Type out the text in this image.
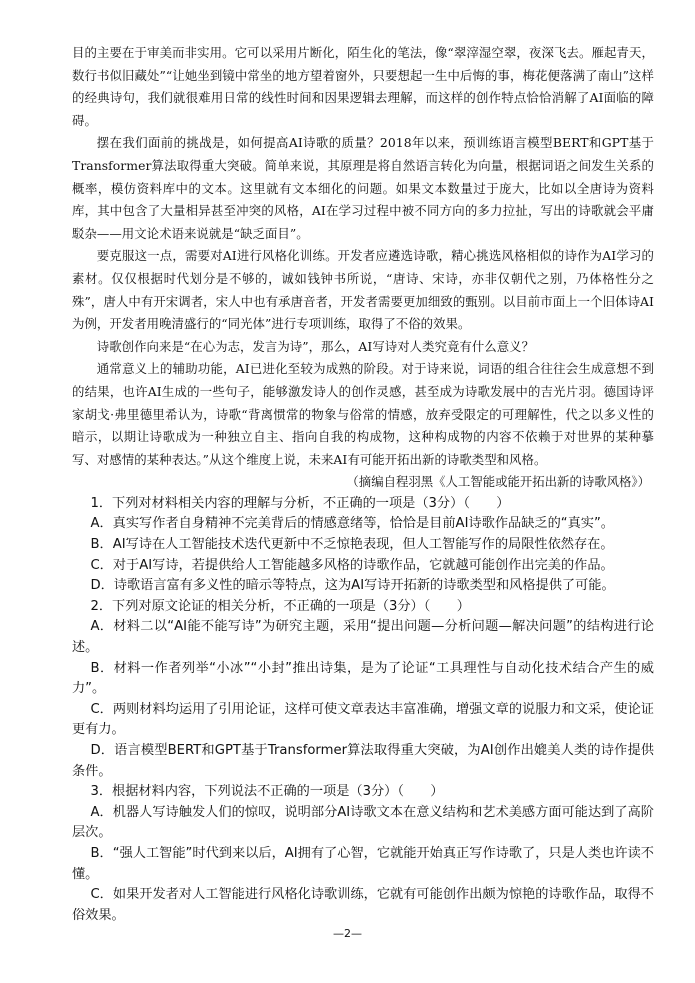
目的主要在于审美而非实用。它可以采用片断化，陌生化的笔法，像“翠滓湿空翠，夜深飞去。雁起青天，数行书似旧藏处”“让她坐到镜中常坐的地方望着窗外，只要想起一生中后悔的事，梅花便落满了南山”这样的经典诗句，我们就很难用日常的线性时间和因果逻辑去理解，而这样的创作特点恰恰消解了AI面临的障碍。

摆在我们面前的挑战是，如何提高AI诗歌的质量？2018年以来，预训练语言模型BERT和GPT基于Transformer算法取得重大突破。简单来说，其原理是将自然语言转化为向量，根据词语之间发生关系的概率，模仿资料库中的文本。这里就有文本细化的问题。如果文本数量过于庞大，比如以全唐诗为资料库，其中包含了大量相异甚至冲突的风格，AI在学习过程中被不同方向的多力拉扯，写出的诗歌就会平庸駁杂——用文论术语来说就是“缺乏面目”。

要克服这一点，需要对AI进行风格化训练。开发者应遴选诗歌，精心挑选风格相似的诗作为AI学习的素材。仅仅根据时代划分是不够的，诚如钱钟书所说，“唐诗、宋诗，亦非仅朝代之别，乃体格性分之殊”，唐人中有开宋调者，宋人中也有承唐音者，开发者需要更加细致的甄别。以目前市面上一个旧体诗AI为例，开发者用晚清盛行的“同光体”进行专项训练，取得了不俗的效果。

诗歌创作向来是“在心为志，发言为诗”，那么，AI写诗对人类究竟有什么意义？

通常意义上的辅助功能，AI已进化至较为成熟的阶段。对于诗来说，词语的组合往往会生成意想不到的结果，也许AI生成的一些句子，能够激发诗人的创作灵感，甚至成为诗歌发展中的吉光片羽。德国诗评家胡戈·弗里德里希认为，诗歌“背离惯常的物象与俗常的情感，放弃受限定的可理解性，代之以多义性的暗示，以期让诗歌成为一种独立自主、指向自我的构成物，这种构成物的内容不依赖于对世界的某种摹写、对感情的某种表达。”从这个维度上说，未来AI有可能开拓出新的诗歌类型和风格。

（摘编自程羽黑《人工智能或能开拓出新的诗歌风格》）

1．下列对材料相关内容的理解与分析，不正确的一项是（3分）（　　）

A．真实写作者自身精神不完美背后的情感意绪等，恰恰是目前AI诗歌作品缺乏的“真实”。

B．AI写诗在人工智能技术迭代更新中不乏惊艳表现，但人工智能写作的局限性依然存在。

C．对于AI写诗，若提供给人工智能越多风格的诗歌作品，它就越可能创作出完美的作品。

D．诗歌语言富有多义性的暗示等特点，这为AI写诗开拓新的诗歌类型和风格提供了可能。

2．下列对原文论证的相关分析，不正确的一项是（3分）（　　）

A．材料二以“AI能不能写诗”为研究主题，采用“提出问题—分析问题—解决问题”的结构进行论述。

B．材料一作者列举“小冰”“小封”推出诗集，是为了论证“工具理性与自动化技术结合产生的威力”。

C．两则材料均运用了引用论证，这样可使文章表达丰富准确，增强文章的说服力和文采，使论证更有力。

D．语言模型BERT和GPT基于Transformer算法取得重大突破，为AI创作出媲美人类的诗作提供条件。

3．根据材料内容，下列说法不正确的一项是（3分）（　　）

A．机器人写诗触发人们的惊叹，说明部分AI诗歌文本在意义结构和艺术美感方面可能达到了高阶层次。

B．“强人工智能”时代到来以后，AI拥有了心智，它就能开始真正写作诗歌了，只是人类也许读不懂。

C．如果开发者对人工智能进行风格化诗歌训练，它就有可能创作出颇为惊艳的诗歌作品，取得不俗效果。

—2—
